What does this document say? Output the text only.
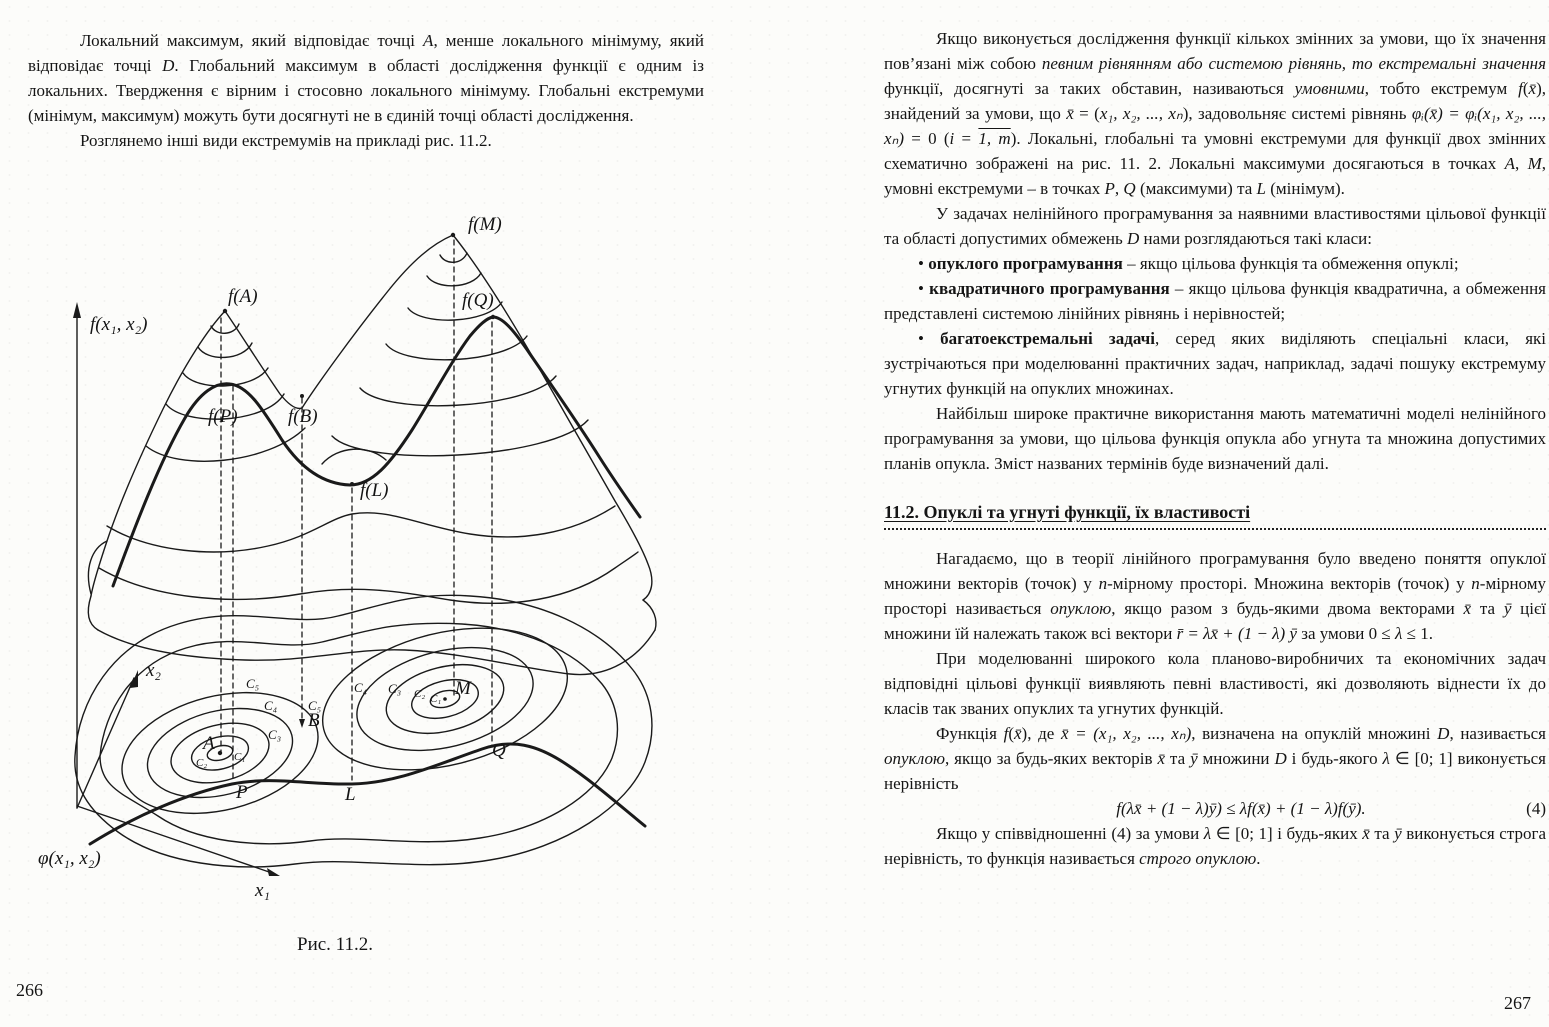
Локальний максимум, який відповідає точці A, менше локального мінімуму, який відповідає точці D. Глобальний максимум в області дослідження функції є одним із локальних. Твердження є вірним і стосовно локального мінімуму. Глобальні екстремуми (мінімум, максимум) можуть бути досягнуті не в єдиній точці області дослідження.

Розглянемо інші види екстремумів на прикладі рис. 11.2.

f(x₁, x₂)
f(A)
f(M)
f(Q)
f(P)	f(B)
f(L)
x₂
x₁
φ(x₁, x₂)
A
B
P	L
M
Q
C₅
C₄
C₃
C₂ C₁
C₅
C₄ C₃ C₂ C₁
Рис. 11.2.
266

Якщо виконується дослідження функції кількох змінних за умови, що їх значення пов’язані між собою певним рівнянням або системою рівнянь, то екстремальні значення функції, досягнуті за таких обставин, називаються умовними, тобто екстремум f(x̄), знайдений за умови, що x̄ = (x₁, x₂, ..., xₙ), задовольняє системі рівнянь φᵢ(x̄) = φᵢ(x₁, x₂, ..., xₙ) = 0 (i = 1, m). Локальні, глобальні та умовні екстремуми для функції двох змінних схематично зображені на рис. 11. 2. Локальні максимуми досягаються в точках A, M, умовні екстремуми – в точках P, Q (максимуми) та L (мінімум).

У задачах нелінійного програмування за наявними властивостями цільової функції та області допустимих обмежень D нами розглядаються такі класи:

• опуклого програмування – якщо цільова функція та обмеження опуклі;

• квадратичного програмування – якщо цільова функція квадратична, а обмеження представлені системою лінійних рівнянь і нерівностей;

• багатоекстремальні задачі, серед яких виділяють спеціальні класи, які зустрічаються при моделюванні практичних задач, наприклад, задачі пошуку екстремуму угнутих функцій на опуклих множинах.

Найбільш широке практичне використання мають математичні моделі нелінійного програмування за умови, що цільова функція опукла або угнута та множина допустимих планів опукла. Зміст названих термінів буде визначений далі.

11.2. Опуклі та угнуті функції, їх властивості

Нагадаємо, що в теорії лінійного програмування було введено поняття опуклої множини векторів (точок) у n-мірному просторі. Множина векторів (точок) у n-мірному просторі називається опуклою, якщо разом з будь-якими двома векторами x̄ та ȳ цієї множини їй належать також всі вектори r̄ = λx̄ + (1 − λ) ȳ за умови 0 ≤ λ ≤ 1.

При моделюванні широкого кола планово-виробничих та економічних задач відповідні цільові функції виявляють певні властивості, які дозволяють віднести їх до класів так званих опуклих та угнутих функцій.

Функція f(x̄), де x̄ = (x₁, x₂, ..., xₙ), визначена на опуклій множині D, називається опуклою, якщо за будь-яких векторів x̄ та ȳ множини D і будь-якого λ ∈ [0; 1] виконується нерівність

f(λx̄ + (1 − λ)ȳ) ≤ λf(x̄) + (1 − λ)f(ȳ).	(4)

Якщо у співвідношенні (4) за умови λ ∈ [0; 1] і будь-яких x̄ та ȳ виконується строга нерівність, то функція називається строго опуклою.

267
